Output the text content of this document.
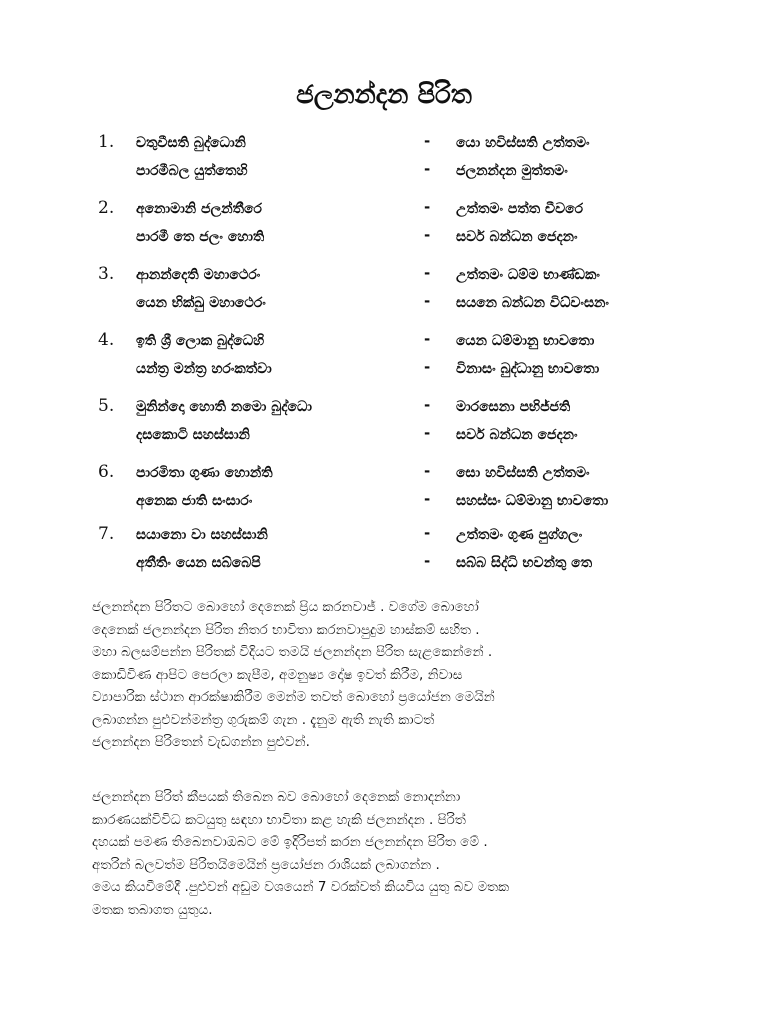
ජලනන්දන පිරිත
1. චතුවීසති බුද්ධොනි
පාරමීබල යුත්තෙහි
-
-
යො හවිස්සති උත්තමං
ජලනන්දන මුත්තමං
2. අනොමානි ජලන්තීරෙ
පාරමී තෙ ජලං හොති
-
-
උත්තමං පත්ත චීවරෙ
සර්ව බන්ධන ජෙදනං
3. ආනන්දෙති මහාථෙරං
යෙන භික්ඛු මහාථෙරං
-
-
උත්තමං ධම්ම භාණ්ඩකං
සයනෙ බන්ධන විධ්වංසනං
4. ඉති ශ්‍රී ලොක බුද්ධෙහි
යන්ත්‍ර මන්ත්‍ර හරංකත්වා
-
-
යෙන ධම්මානු භාවතො
විනාසං බුද්ධානු භාවතො
5. මුනින්දො හොති නමො බුද්ධො
දසකොටි සහස්සානි
-
-
මාරසෙනා පභිජ්ජති
සර්ව බන්ධන ජෙදනං
6. පාරමිතා ගුණා හොන්ති
අනෙක ජාති සංසාරං
-
-
සො හවිස්සති උත්තමං
සහස්සං ධම්මානු භාවතො
7. සයානො වා සහස්සානි
අතීතිං යෙන සබ්බෙපි
-
-
උත්තමං ගුණ පුග්ගලං
සබ්බ සිද්ධි භවන්තු තෙ

ජලනන්දන පිරිතට බොහෝ දෙනෙක් ප්‍රිය කරනවාජ් . වගේම බොහෝ

දෙනෙක් ජලනන්දන පිරිත නිතර භාවිතා කරනවාපුදුම හාස්කම් සහිත .

මහා බලසම්පන්න පිරිතක් විදියට තමයි ජලනන්දන පිරිත සැළකෙන්නේ .

කොඩිවිණ ආපිට පෙරලා කැපීම, අමනුෂ්‍ය දෝෂ ඉවත් කිරීම, නිවාස

ව්‍යාපාරික ස්ථාන ආරක්ෂාකිරීම මෙන්ම තවත් බොහෝ ප්‍රයෝජන මෙයින්

ලබාගන්න පුළුවන්මන්ත්‍ර ගුරුකම් ගැන . දැනුම ඇති නැති කාටත්

ජලනන්දන පිරිතෙන් වැඩගන්න පුළුවන්.

ජලනන්දන පිරිත් කීපයක් තිබෙන බව බොහෝ දෙනෙක් නොදන්නා

කාරණයක්විවිධ කටයුතු සඳහා භාවිතා කළ හැකි ජලනන්දන . පිරිත්

දහයක් පමණ තිබෙනවාඔබට මේ ඉදිරිපත් කරන ජලනන්දන පිරිත මේ .

අතරින් බලවත්ම පිරිතයිමෙයින් ප්‍රයෝජන රාශියක් ලබාගන්න .

මෙය කියවීමේදී .පුළුවන් අඩුම වශයෙන් 7 වරක්වත් කියවිය යුතු බව මතක

මතක තබාගත යුතුය.
